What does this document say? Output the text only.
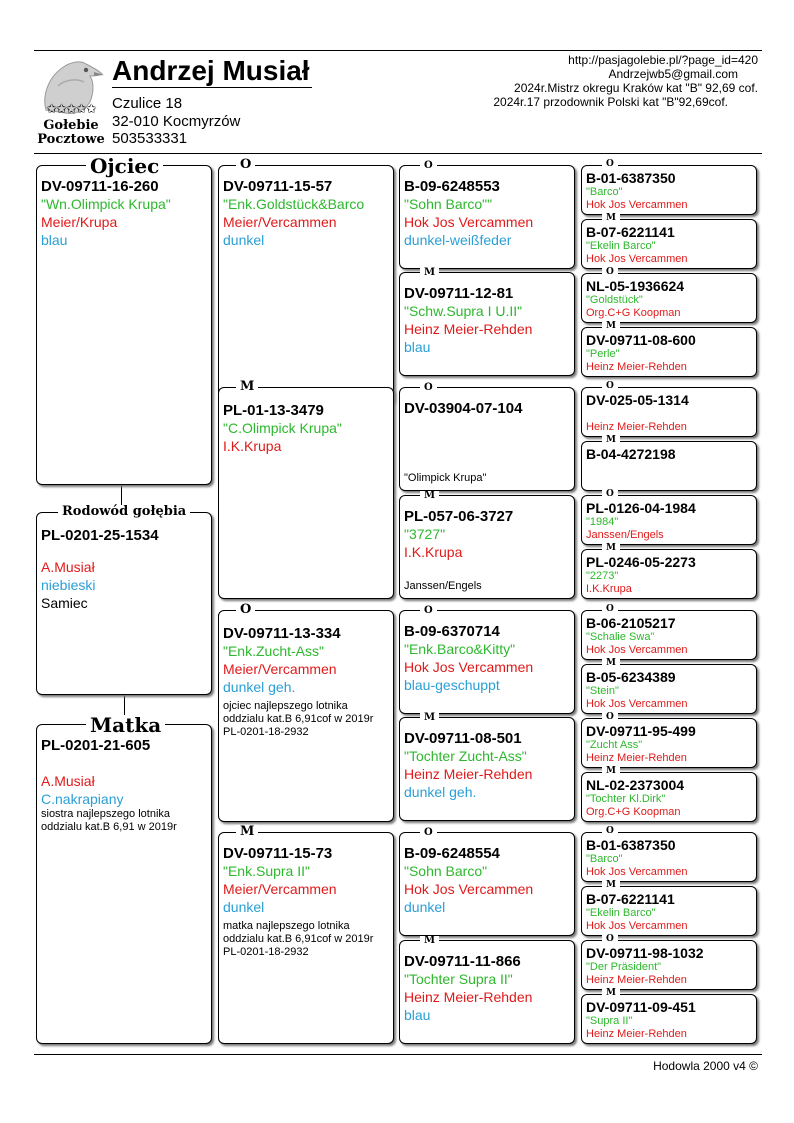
✩✩✩✩✩
Gołebie
Pocztowe
Andrzej Musiał
Czulice 18
32-010 Kocmyrzów
503533331
http://pasjagolebie.pl/?page_id=420
Andrzejwb5@gmail.com
2024r.Mistrz okregu Kraków kat "B" 92,69 cof.
2024r.17 przodownik Polski kat "B"92,69cof.
DV-09711-16-260
"Wn.Olimpick Krupa"
Meier/Krupa
blau
Ojciec
PL-0201-25-1534
A.Musiał
niebieski
Samiec
Rodowód gołębia
PL-0201-21-605
A.Musiał
C.nakrapiany
siostra najlepszego lotnika oddzialu kat.B 6,91 w 2019r
Matka
DV-09711-15-57
"Enk.Goldstück&Barco
Meier/Vercammen
dunkel
O
PL-01-13-3479
"C.Olimpick Krupa"
I.K.Krupa
M
DV-09711-13-334
"Enk.Zucht-Ass"
Meier/Vercammen
dunkel geh.
ojciec najlepszego lotnika oddzialu kat.B 6,91cof w 2019r PL-0201-18-2932
O
DV-09711-15-73
"Enk.Supra II"
Meier/Vercammen
dunkel
matka najlepszego lotnika oddzialu kat.B 6,91cof w 2019r PL-0201-18-2932
M
B-09-6248553
"Sohn Barco""
Hok Jos Vercammen
dunkel-weißfeder
O
DV-09711-12-81
"Schw.Supra I U.II"
Heinz Meier-Rehden
blau
M
DV-03904-07-104
"Olimpick Krupa"
O
PL-057-06-3727
"3727"
I.K.Krupa
Janssen/Engels
M
B-09-6370714
"Enk.Barco&Kitty"
Hok Jos Vercammen
blau-geschuppt
O
DV-09711-08-501
"Tochter Zucht-Ass"
Heinz Meier-Rehden
dunkel geh.
M
B-09-6248554
"Sohn Barco"
Hok Jos Vercammen
dunkel
O
DV-09711-11-866
"Tochter Supra II"
Heinz Meier-Rehden
blau
M
B-01-6387350
"Barco"
Hok Jos Vercammen
O
B-07-6221141
"Ekelin Barco"
Hok Jos Vercammen
M
NL-05-1936624
"Goldstück"
Org.C+G Koopman
O
DV-09711-08-600
"Perle"
Heinz Meier-Rehden
M
DV-025-05-1314
Heinz Meier-Rehden
O
B-04-4272198
M
PL-0126-04-1984
"1984"
Janssen/Engels
O
PL-0246-05-2273
"2273"
I.K.Krupa
M
B-06-2105217
"Schalie Swa"
Hok Jos Vercammen
O
B-05-6234389
"Stein"
Hok Jos Vercammen
M
DV-09711-95-499
"Zucht Ass"
Heinz Meier-Rehden
O
NL-02-2373004
"Tochter Kl.Dirk"
Org.C+G Koopman
M
B-01-6387350
"Barco"
Hok Jos Vercammen
O
B-07-6221141
"Ekelin Barco"
Hok Jos Vercammen
M
DV-09711-98-1032
"Der Präsident"
Heinz Meier-Rehden
O
DV-09711-09-451
"Supra II"
Heinz Meier-Rehden
M
Hodowla 2000 v4 ©
